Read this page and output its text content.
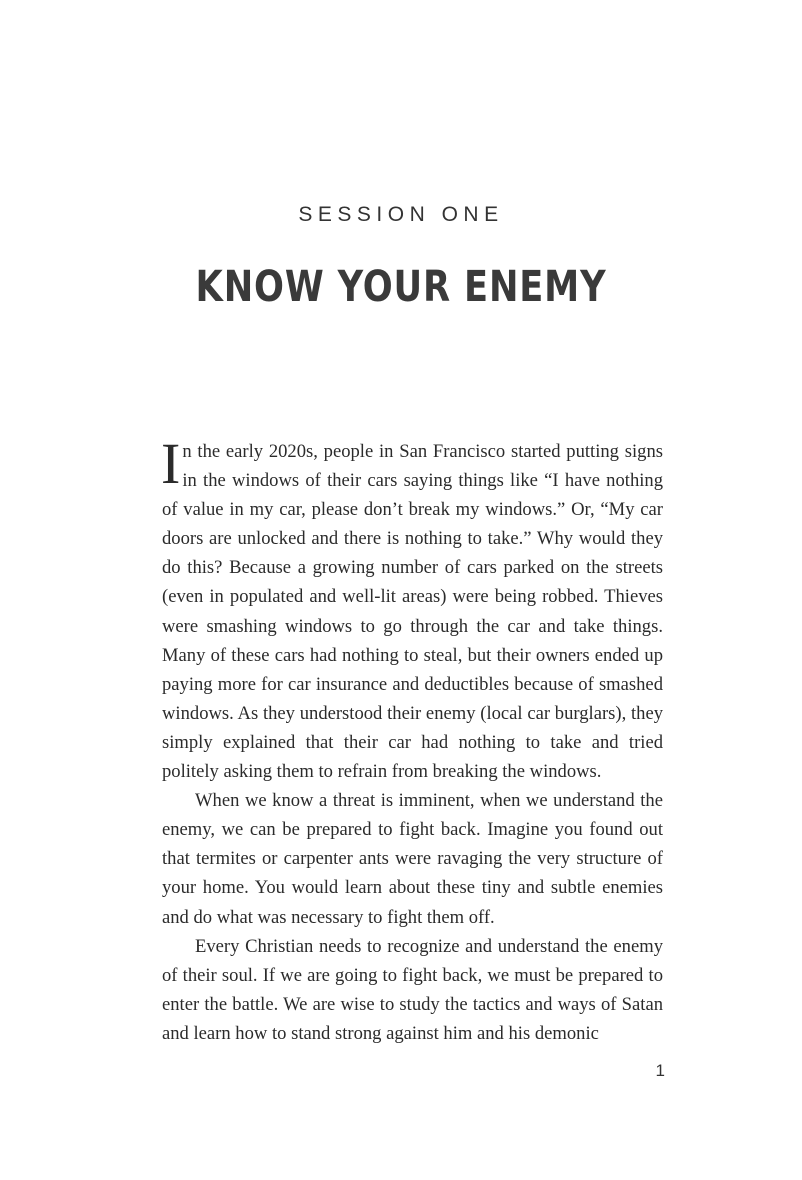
SESSION ONE
KNOW YOUR ENEMY

In the early 2020s, people in San Francisco started putting signs in the windows of their cars saying things like “I have nothing of value in my car, please don’t break my windows.” Or, “My car doors are unlocked and there is nothing to take.” Why would they do this? Because a growing number of cars parked on the streets (even in populated and well-lit areas) were being robbed. Thieves were smashing windows to go through the car and take things. Many of these cars had nothing to steal, but their owners ended up paying more for car insurance and deductibles because of smashed windows. As they understood their enemy (local car burglars), they simply explained that their car had nothing to take and tried politely asking them to refrain from breaking the windows.

When we know a threat is imminent, when we understand the enemy, we can be prepared to fight back. Imagine you found out that termites or carpenter ants were ravaging the very structure of your home. You would learn about these tiny and subtle enemies and do what was necessary to fight them off.

Every Christian needs to recognize and understand the enemy of their soul. If we are going to fight back, we must be prepared to enter the battle. We are wise to study the tactics and ways of Satan and learn how to stand strong against him and his demonic

1
